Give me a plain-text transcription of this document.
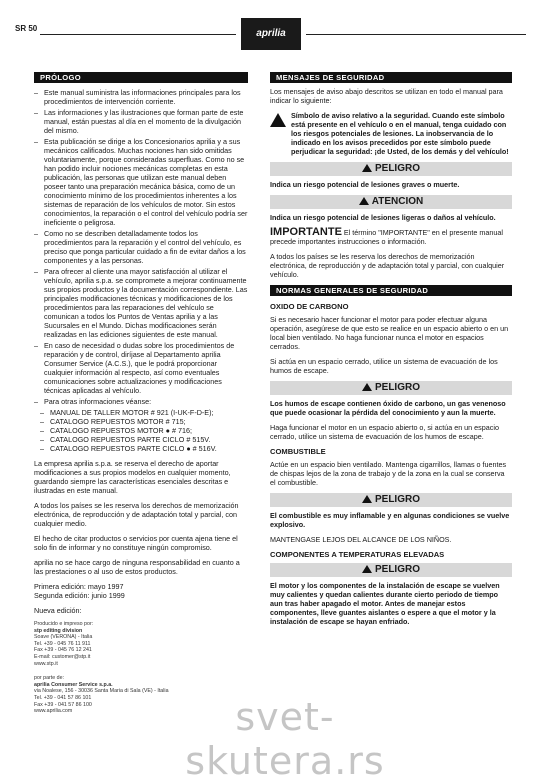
SR 50	aprilia
PRÓLOGO
– Este manual suministra las informaciones principales para los procedimientos de intervención corriente.
– Las informaciones y las ilustraciones que forman parte de este manual, están puestas al día en el momento de la divulgación del mismo.
– Esta publicación se dirige a los Concesionarios aprilia y a sus mecánicos calificados. Muchas nociones han sido omitidas voluntariamente, porque consideradas superfluas. Como no se han podido incluir nociones mecánicas completas en esta publicación, las personas que utilizan este manual deben poseer tanto una preparación mecánica básica, como de un conocimiento mínimo de los procedimientos inherentes a los sistemas de reparación de los vehículos de motor. Sin estos conocimientos, la reparación o el control del vehículo podría ser ineficiente o peligrosa.
– Como no se describen detalladamente todos los procedimientos para la reparación y el control del vehículo, es preciso que ponga particular cuidado a fin de evitar daños a los componentes y a las personas.
– Para ofrecer al cliente una mayor satisfacción al utilizar el vehículo, aprilia s.p.a. se compromete a mejorar continuamente sus propios productos y la documentación correspondiente. Las principales modificaciones técnicas y modificaciones de los procedimientos para las reparaciones del vehículo se comunican a todos los Puntos de Ventas aprilia y a las Sucursales en el Mundo. Dichas modificaciones serán realizadas en las ediciones siguientes de este manual.
– En caso de necesidad o dudas sobre los procedimientos de reparación y de control, diríjase al Departamento aprilia Consumer Service (A.C.S.), que le podrá proporcionar cualquier información al respecto, así como eventuales comunicaciones sobre actualizaciones y modificaciones técnicas aplicadas al vehículo.
– Para otras informaciones véanse:
– MANUAL DE TALLER MOTOR # 921 (I-UK-F-D-E);
– CATALOGO REPUESTOS MOTOR # 715;
– CATALOGO REPUESTOS MOTOR ● # 716;
– CATALOGO REPUESTOS PARTE CICLO # 515V.
– CATALOGO REPUESTOS PARTE CICLO ● # 516V.

La empresa aprilia s.p.a. se reserva el derecho de aportar modificaciones a sus propios modelos en cualquier momento, guardando siempre las características esenciales descritas e ilustradas en este manual.

A todos los países se les reserva los derechos de memorización electrónica, de reproducción y de adaptación total y parcial, con cualquier medio.

El hecho de citar productos o servicios por cuenta ajena tiene el solo fin de informar y no constituye ningún compromiso.

aprilia no se hace cargo de ninguna responsabilidad en cuanto a las prestaciones o al uso de estos productos.

Primera edición: mayo 1997
Segunda edición: junio 1999
Nueva edición:
Producido e impreso por:
stp editing division
Soave (VERONA) - Italia
Tel. +39 - 045 76 11 911
Fax +39 - 045 76 12 241
E-mail: customer@stp.it
www.stp.it
por parte de:
aprilia Consumer Service s.p.a.
via Noalese, 156 - 30036 Santa Maria di Sala (VE) - Italia
Tel. +39 - 041 57 86 101
Fax +39 - 041 57 86 100
www.aprilia.com
MENSAJES DE SEGURIDAD

Los mensajes de aviso abajo descritos se utilizan en todo el manual para indicar lo siguiente:

Símbolo de aviso relativo a la seguridad. Cuando este símbolo está presente en el vehículo o en el manual, tenga cuidado con los riesgos potenciales de lesiones. La inobservancia de lo indicado en los avisos precedidos por este símbolo puede perjudicar la seguridad: ¡de Usted, de los demás y del vehículo!

PELIGRO

Indica un riesgo potencial de lesiones graves o muerte.

ATENCION

Indica un riesgo potencial de lesiones ligeras o daños al vehículo.

IMPORTANTE El término "IMPORTANTE" en el presente manual precede importantes instrucciones o información.

A todos los países se les reserva los derechos de memorización electrónica, de reproducción y de adaptación total y parcial, con cualquier vehículo.

NORMAS GENERALES DE SEGURIDAD
OXIDO DE CARBONO

Si es necesario hacer funcionar el motor para poder efectuar alguna operación, asegúrese de que esto se realice en un espacio abierto o en un local bien ventilado. No haga funcionar nunca el motor en espacios cerrados.

Si actúa en un espacio cerrado, utilice un sistema de evacuación de los humos de escape.

PELIGRO

Los humos de escape contienen óxido de carbono, un gas venenoso que puede ocasionar la pérdida del conocimiento y aun la muerte.

Haga funcionar el motor en un espacio abierto o, si actúa en un espacio cerrado, utilice un sistema de evacuación de los humos de escape.

COMBUSTIBLE

Actúe en un espacio bien ventilado. Mantenga cigarrillos, llamas o fuentes de chispas lejos de la zona de trabajo y de la zona en la cual se conserva el combustible.

PELIGRO

El combustible es muy inflamable y en algunas condiciones se vuelve explosivo.

MANTENGASE LEJOS DEL ALCANCE DE LOS NIÑOS.

COMPONENTES A TEMPERATURAS ELEVADAS
PELIGRO

El motor y los componentes de la instalación de escape se vuelven muy calientes y quedan calientes durante cierto periodo de tiempo aun tras haber apagado el motor. Antes de manejar estos componentes, lleve guantes aislantes o espere a que el motor y la instalación de escape se hayan enfriado.

svet-skutera.rs
